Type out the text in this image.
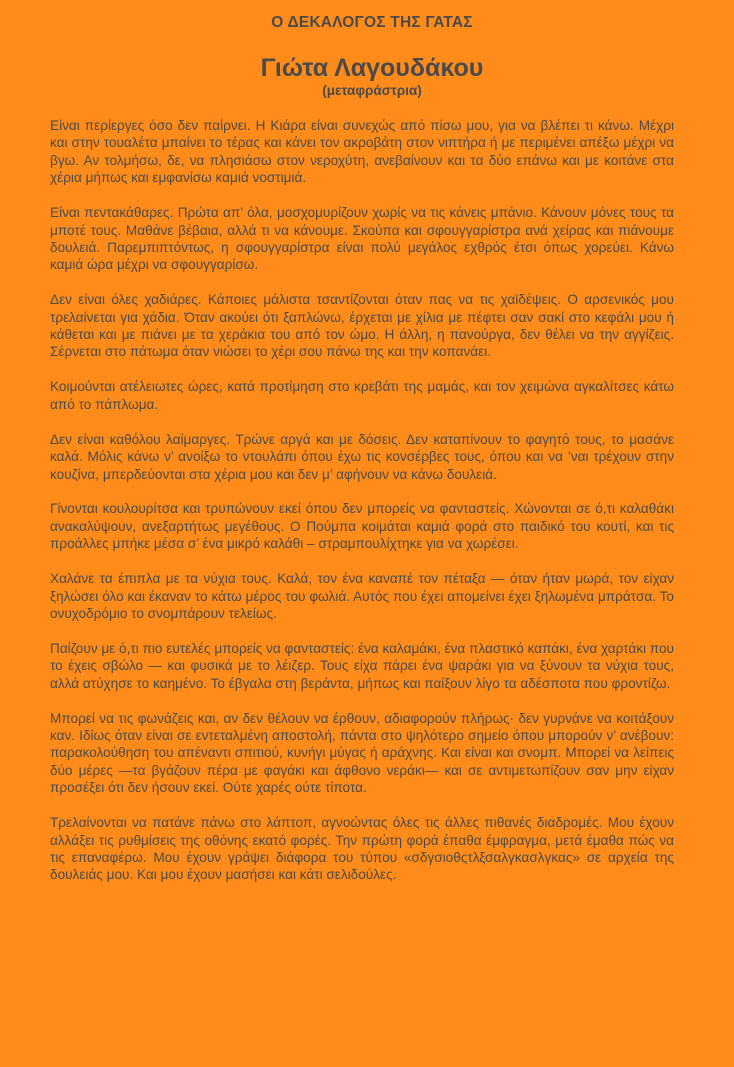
Ο ΔΕΚΑΛΟΓΟΣ ΤΗΣ ΓΑΤΑΣ
Γιώτα Λαγουδάκου
(μεταφράστρια)

Είναι περίεργες όσο δεν παίρνει. Η Κιάρα είναι συνεχώς από πίσω μου, για να βλέπει τι κάνω. Μέχρι και στην τουαλέτα μπαίνει το τέρας και κάνει τον ακροβάτη στον νιπτήρα ή με περιμένει απέξω μέχρι να βγω. Αν τολμήσω, δε, να πλησιάσω στον νεροχύτη, ανεβαίνουν και τα δύο επάνω και με κοιτάνε στα χέρια μήπως και εμφανίσω καμιά νοστιμιά.

Είναι πεντακάθαρες. Πρώτα απ’ όλα, μοσχομυρίζουν χωρίς να τις κάνεις μπάνιο. Κάνουν μόνες τους τα μποτέ τους. Μαθάνε βέβαια, αλλά τι να κάνουμε. Σκούπα και σφουγγαρίστρα ανά χείρας και πιάνουμε δουλειά. Παρεμπιπτόντως, η σφουγγαρίστρα είναι πολύ μεγάλος εχθρός έτσι όπως χορεύει. Κάνω καμιά ώρα μέχρι να σφουγγαρίσω.

Δεν είναι όλες χαδιάρες. Κάποιες μάλιστα τσαντίζονται όταν πας να τις χαϊδέψεις. Ο αρσενικός μου τρελαίνεται για χάδια. Όταν ακούει ότι ξαπλώνω, έρχεται με χίλια με πέφτει σαν σακί στο κεφάλι μου ή κάθεται και με πιάνει με τα χεράκια του από τον ώμο. Η άλλη, η πανούργα, δεν θέλει να την αγγίζεις. Σέρνεται στο πάτωμα όταν νιώσει το χέρι σου πάνω της και την κοπανάει.

Κοιμούνται ατέλειωτες ώρες, κατά προτίμηση στο κρεβάτι της μαμάς, και τον χειμώνα αγκαλίτσες κάτω από το πάπλωμα.

Δεν είναι καθόλου λαίμαργες. Τρώνε αργά και με δόσεις. Δεν καταπίνουν το φαγητό τους, το μασάνε καλά. Μόλις κάνω ν’ ανοίξω το ντουλάπι όπου έχω τις κονσέρβες τους, όπου και να ’ναι τρέχουν στην κουζίνα, μπερδεύονται στα χέρια μου και δεν μ’ αφήνουν να κάνω δουλειά.

Γίνονται κουλουρίτσα και τρυπώνουν εκεί όπου δεν μπορείς να φανταστείς. Χώνονται σε ό,τι καλαθάκι ανακαλύψουν, ανεξαρτήτως μεγέθους. Ο Πούμπα κοιμάται καμιά φορά στο παιδικό του κουτί, και τις προάλλες μπήκε μέσα σ’ ένα μικρό καλάθι – στραμπουλίχτηκε για να χωρέσει.

Χαλάνε τα έπιπλα με τα νύχια τους. Καλά, τον ένα καναπέ τον πέταξα — όταν ήταν μωρά, τον είχαν ξηλώσει όλο και έκαναν το κάτω μέρος του φωλιά. Αυτός που έχει απομείνει έχει ξηλωμένα μπράτσα. Το ονυχοδρόμιο το σνομπάρουν τελείως.

Παίζουν με ό,τι πιο ευτελές μπορείς να φανταστείς: ένα καλαμάκι, ένα πλαστικό καπάκι, ένα χαρτάκι που το έχεις σβώλο — και φυσικά με το λέιζερ. Τους είχα πάρει ένα ψαράκι για να ξύνουν τα νύχια τους, αλλά ατύχησε το καημένο. Το έβγαλα στη βεράντα, μήπως και παίξουν λίγο τα αδέσποτα που φροντίζω.

Μπορεί να τις φωνάζεις και, αν δεν θέλουν να έρθουν, αδιαφορούν πλήρως· δεν γυρνάνε να κοιτάξουν καν. Ιδίως όταν είναι σε εντεταλμένη αποστολή, πάντα στο ψηλότερο σημείο όπου μπορούν ν’ ανέβουν: παρακολούθηση του απέναντι σπιτιού, κυνήγι μύγας ή αράχνης. Και είναι και σνομπ. Μπορεί να λείπεις δύο μέρες —τα βγάζουν πέρα με φαγάκι και άφθονο νεράκι— και σε αντιμετωπίζουν σαν μην είχαν προσέξει ότι δεν ήσουν εκεί. Ούτε χαρές ούτε τίποτα.

Τρελαίνονται να πατάνε πάνω στο λάπτοπ, αγνοώντας όλες τις άλλες πιθανές διαδρομές. Μου έχουν αλλάξει τις ρυθμίσεις της οθόνης εκατό φορές. Την πρώτη φορά έπαθα έμφραγμα, μετά έμαθα πώς να τις επαναφέρω. Μου έχουν γράψει διάφορα του τύπου «σδγσιοθςτλξσαλγκασλγκας» σε αρχεία της δουλειάς μου. Και μου έχουν μασήσει και κάτι σελιδούλες.
